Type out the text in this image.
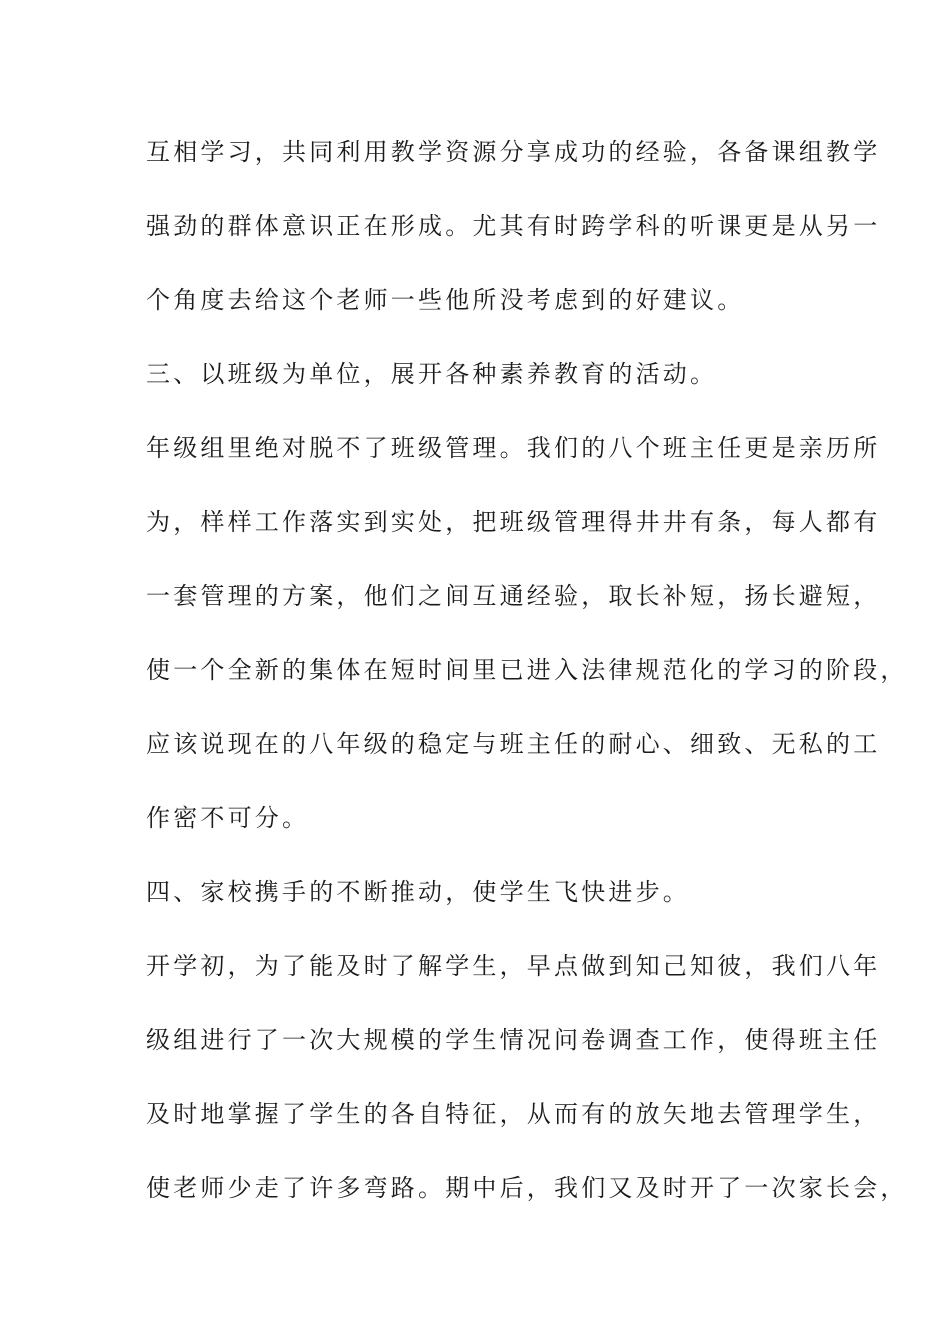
互相学习，共同利用教学资源分享成功的经验，各备课组教学
强劲的群体意识正在形成。尤其有时跨学科的听课更是从另一
个角度去给这个老师一些他所没考虑到的好建议。
三、以班级为单位，展开各种素养教育的活动。
年级组里绝对脱不了班级管理。我们的八个班主任更是亲历所
为，样样工作落实到实处，把班级管理得井井有条，每人都有
一套管理的方案，他们之间互通经验，取长补短，扬长避短，
使一个全新的集体在短时间里已进入法律规范化的学习的阶段，
应该说现在的八年级的稳定与班主任的耐心、细致、无私的工
作密不可分。
四、家校携手的不断推动，使学生飞快进步。
开学初，为了能及时了解学生，早点做到知己知彼，我们八年
级组进行了一次大规模的学生情况问卷调查工作，使得班主任
及时地掌握了学生的各自特征，从而有的放矢地去管理学生，
使老师少走了许多弯路。期中后，我们又及时开了一次家长会，
